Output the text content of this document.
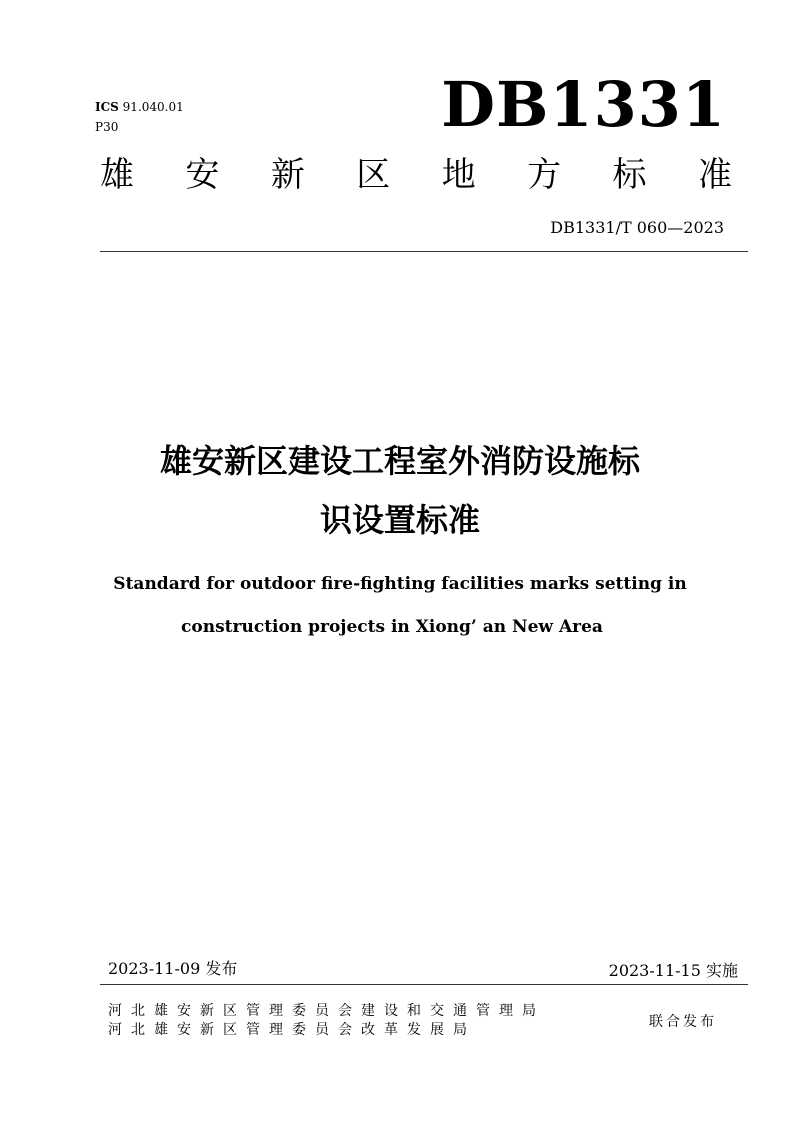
ICS 91.040.01
P30	DB1331
雄 安 新 区 地 方 标 准
DB1331/T 060—2023
雄安新区建设工程室外消防设施标
识设置标准
Standard for outdoor fire-fighting facilities marks setting in
construction projects in Xiong’ an New Area
2023-11-09 发布	2023-11-15 实施
河北雄安新区管理委员会建设和交通管理局
河北雄安新区管理委员会改革发展局	联合发布
